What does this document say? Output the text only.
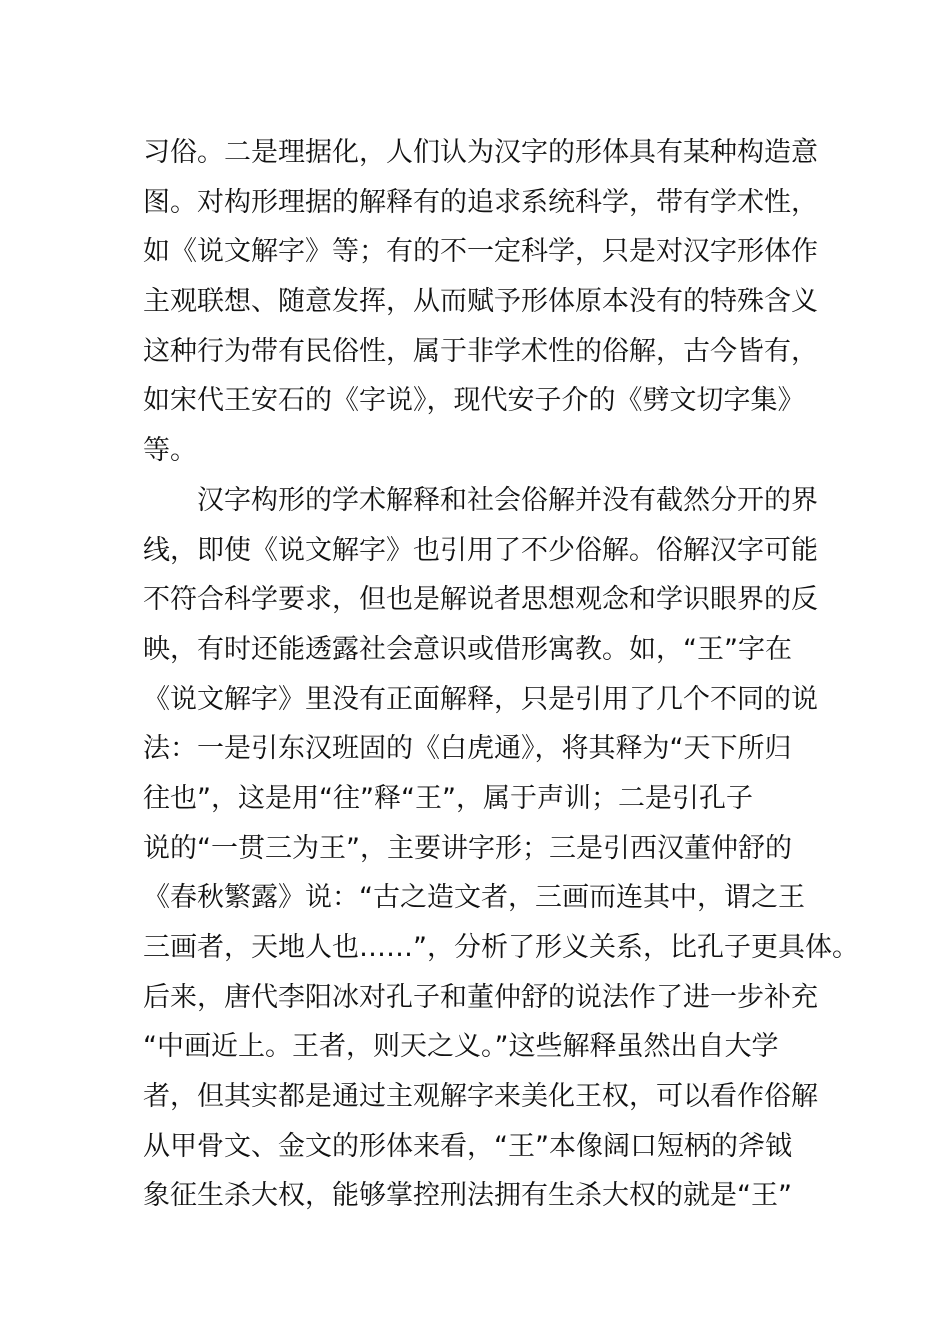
习俗。二是理据化，人们认为汉字的形体具有某种构造意
图。对构形理据的解释有的追求系统科学，带有学术性，
如《说文解字》等；有的不一定科学，只是对汉字形体作
主观联想、随意发挥，从而赋予形体原本没有的特殊含义
这种行为带有民俗性，属于非学术性的俗解，古今皆有，
如宋代王安石的《字说》，现代安子介的《劈文切字集》
等。
汉字构形的学术解释和社会俗解并没有截然分开的界
线，即使《说文解字》也引用了不少俗解。俗解汉字可能
不符合科学要求，但也是解说者思想观念和学识眼界的反
映，有时还能透露社会意识或借形寓教。如，“王”字在
《说文解字》里没有正面解释，只是引用了几个不同的说
法：一是引东汉班固的《白虎通》，将其释为“天下所归
往也”，这是用“往”释“王”，属于声训；二是引孔子
说的“一贯三为王”，主要讲字形；三是引西汉董仲舒的
《春秋繁露》说：“古之造文者，三画而连其中，谓之王
三画者，天地人也……”，分析了形义关系，比孔子更具体。
后来，唐代李阳冰对孔子和董仲舒的说法作了进一步补充
“中画近上。王者，则天之义。”这些解释虽然出自大学
者，但其实都是通过主观解字来美化王权，可以看作俗解
从甲骨文、金文的形体来看，“王”本像阔口短柄的斧钺
象征生杀大权，能够掌控刑法拥有生杀大权的就是“王”
